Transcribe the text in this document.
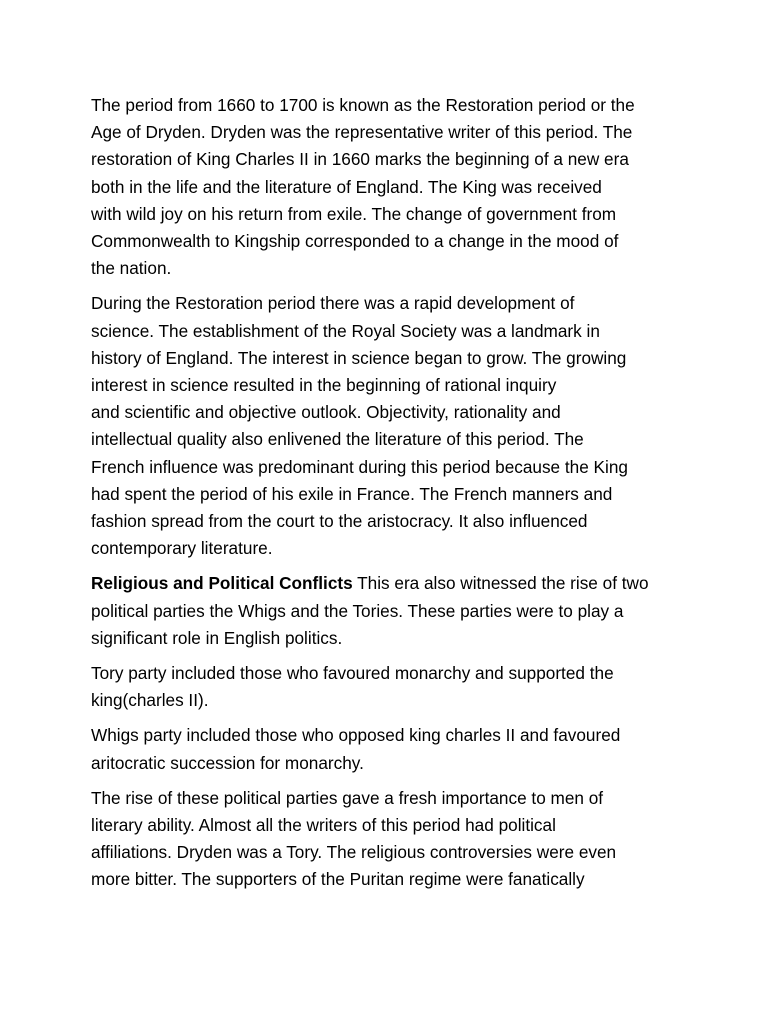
The period from 1660 to 1700 is known as the Restoration period or the
Age of Dryden. Dryden was the representative writer of this period. The
restoration of King Charles II in 1660 marks the beginning of a new era
both in the life and the literature of England. The King was received
with wild joy on his return from exile. The change of government from
Commonwealth to Kingship corresponded to a change in the mood of
the nation.

During the Restoration period there was a rapid development of
science. The establishment of the Royal Society was a landmark in
history of England. The interest in science began to grow. The growing
interest in science resulted in the beginning of rational inquiry
and scientific and objective outlook. Objectivity, rationality and
intellectual quality also enlivened the literature of this period. The
French influence was predominant during this period because the King
had spent the period of his exile in France. The French manners and
fashion spread from the court to the aristocracy. It also influenced
contemporary literature.

Religious and Political Conflicts This era also witnessed the rise of two
political parties the Whigs and the Tories. These parties were to play a
significant role in English politics.

Tory party included those who favoured monarchy and supported the
king(charles II).

Whigs party included those who opposed king charles II and favoured
aritocratic succession for monarchy.

The rise of these political parties gave a fresh importance to men of
literary ability. Almost all the writers of this period had political
affiliations. Dryden was a Tory. The religious controversies were even
more bitter. The supporters of the Puritan regime were fanatically
